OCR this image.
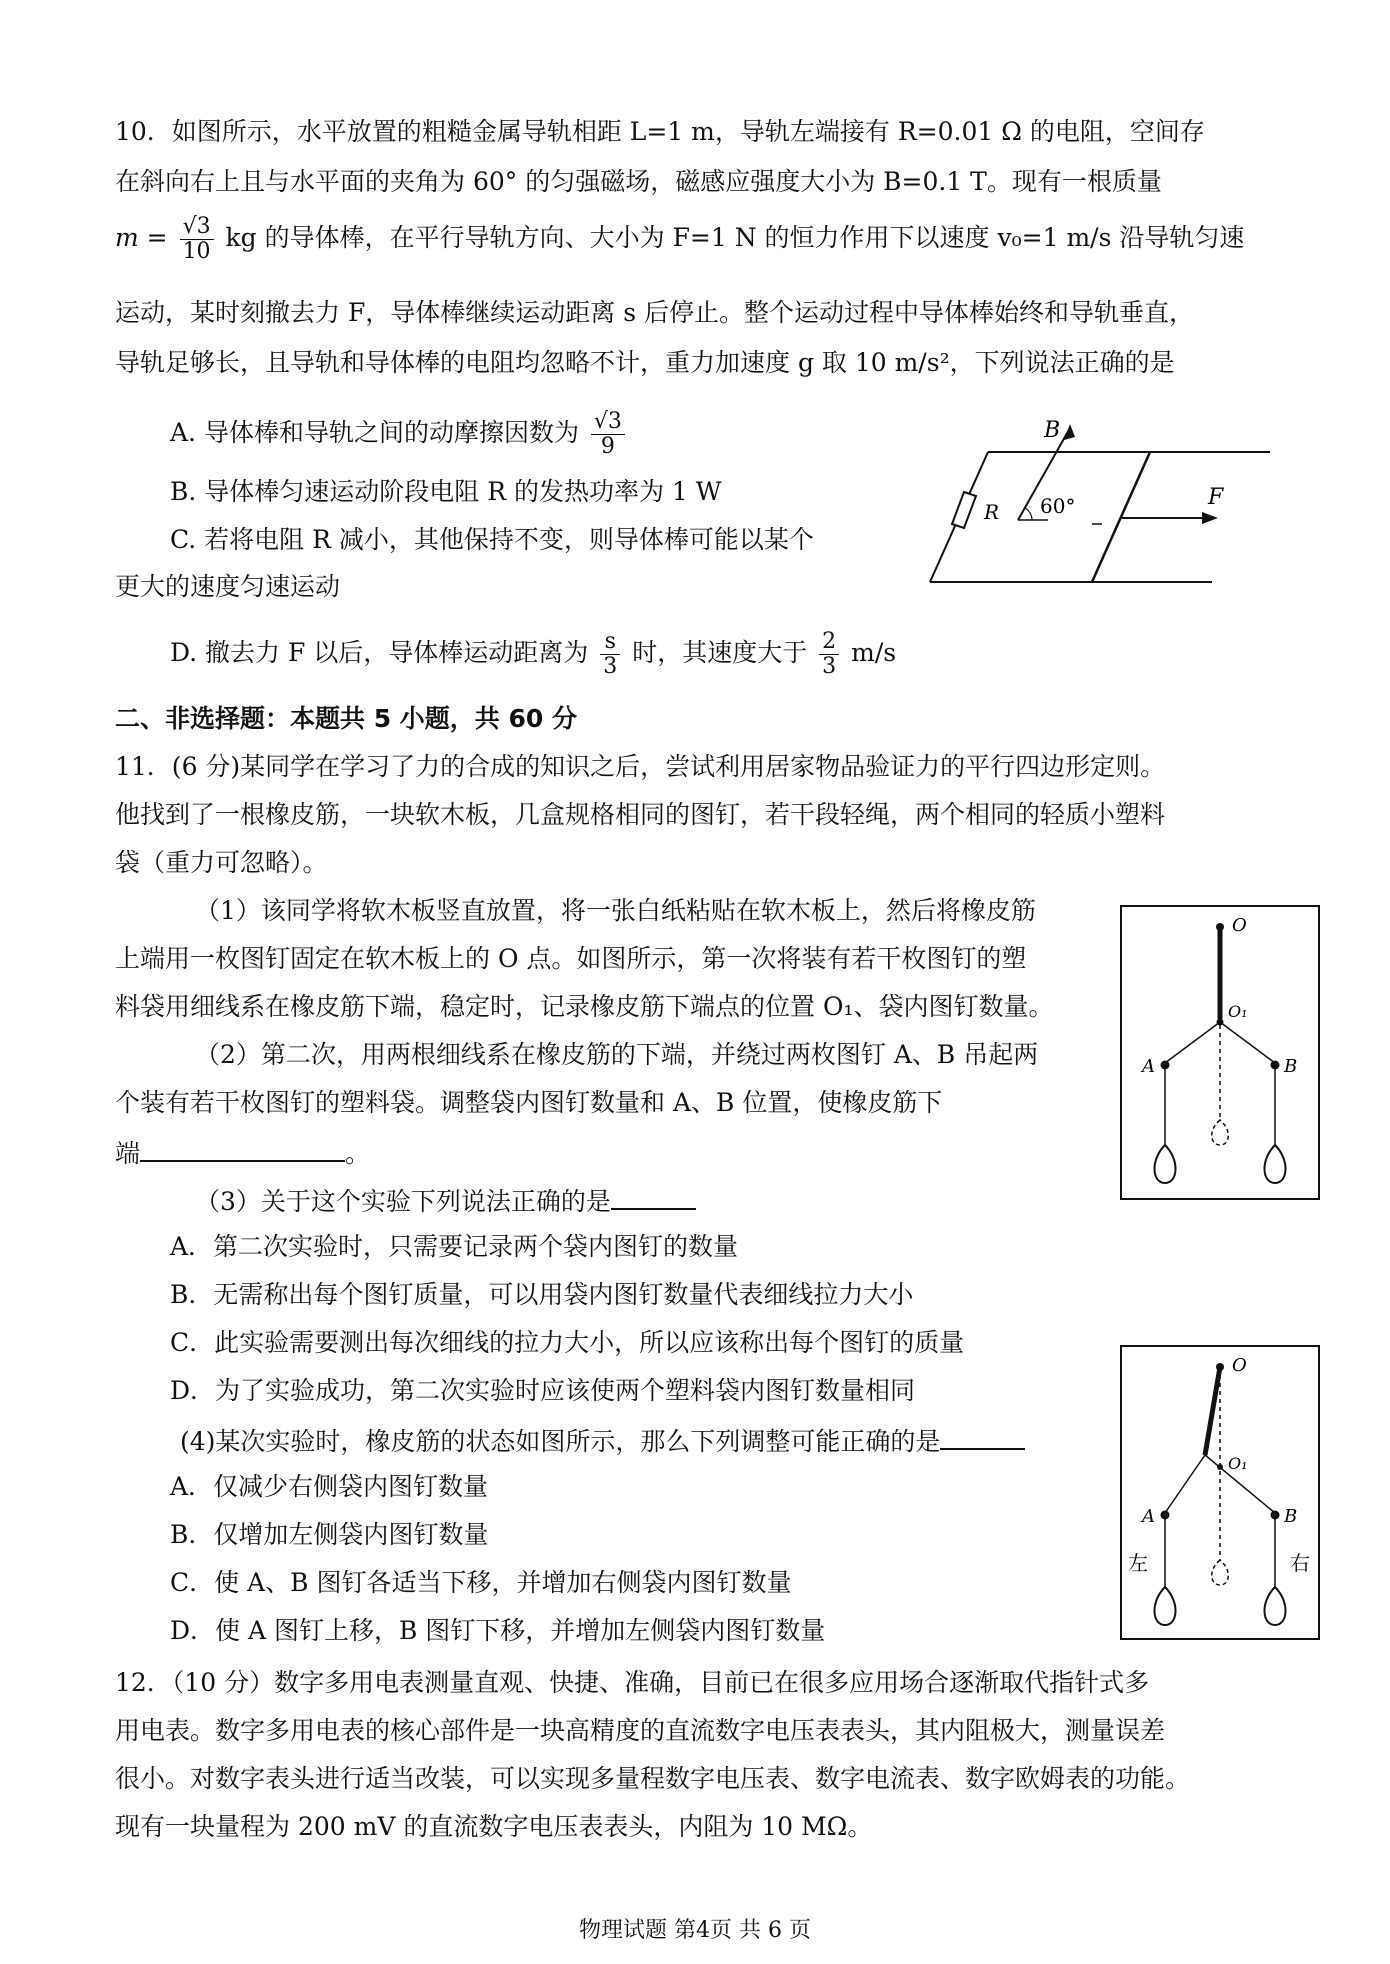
10．如图所示，水平放置的粗糙金属导轨相距 L=1 m，导轨左端接有 R=0.01 Ω 的电阻，空间存
在斜向右上且与水平面的夹角为 60° 的匀强磁场，磁感应强度大小为 B=0.1 T。现有一根质量
$m = \frac{√3}{10}$ kg 的导体棒，在平行导轨方向、大小为 F=1 N 的恒力作用下以速度 v₀=1 m/s 沿导轨匀速
运动，某时刻撤去力 F，导体棒继续运动距离 s 后停止。整个运动过程中导体棒始终和导轨垂直，
导轨足够长，且导轨和导体棒的电阻均忽略不计，重力加速度 g 取 10 m/s²，下列说法正确的是
A. 导体棒和导轨之间的动摩擦因数为 $\frac{√3}{9}$
B. 导体棒匀速运动阶段电阻 R 的发热功率为 1 W
C. 若将电阻 R 减小，其他保持不变，则导体棒可能以某个
更大的速度匀速运动
D. 撤去力 F 以后，导体棒运动距离为 $\frac{s}{3}$ 时，其速度大于 $\frac{2}{3} m/s$
B
60°
R
F
二、非选择题：本题共 5 小题，共 60 分
11．(6 分)某同学在学习了力的合成的知识之后，尝试利用居家物品验证力的平行四边形定则。
他找到了一根橡皮筋，一块软木板，几盒规格相同的图钉，若干段轻绳，两个相同的轻质小塑料
袋（重力可忽略）。
（1）该同学将软木板竖直放置，将一张白纸粘贴在软木板上，然后将橡皮筋
上端用一枚图钉固定在软木板上的 O 点。如图所示，第一次将装有若干枚图钉的塑
料袋用细线系在橡皮筋下端，稳定时，记录橡皮筋下端点的位置 O₁、袋内图钉数量。
（2）第二次，用两根细线系在橡皮筋的下端，并绕过两枚图钉 A、B 吊起两
个装有若干枚图钉的塑料袋。调整袋内图钉数量和 A、B 位置，使橡皮筋下
端	。
（3）关于这个实验下列说法正确的是
A．第二次实验时，只需要记录两个袋内图钉的数量
B．无需称出每个图钉质量，可以用袋内图钉数量代表细线拉力大小
C．此实验需要测出每次细线的拉力大小，所以应该称出每个图钉的质量
D．为了实验成功，第二次实验时应该使两个塑料袋内图钉数量相同
(4)某次实验时，橡皮筋的状态如图所示，那么下列调整可能正确的是
A．仅减少右侧袋内图钉数量
B．仅增加左侧袋内图钉数量
C．使 A、B 图钉各适当下移，并增加右侧袋内图钉数量
D．使 A 图钉上移，B 图钉下移，并增加左侧袋内图钉数量
O
O₁
A	B
O
O₁
A	B
左	右
12．（10 分）数字多用电表测量直观、快捷、准确，目前已在很多应用场合逐渐取代指针式多
用电表。数字多用电表的核心部件是一块高精度的直流数字电压表表头，其内阻极大，测量误差
很小。对数字表头进行适当改装，可以实现多量程数字电压表、数字电流表、数字欧姆表的功能。
现有一块量程为 200 mV 的直流数字电压表表头，内阻为 10 MΩ。
物理试题 第4页 共 6 页
